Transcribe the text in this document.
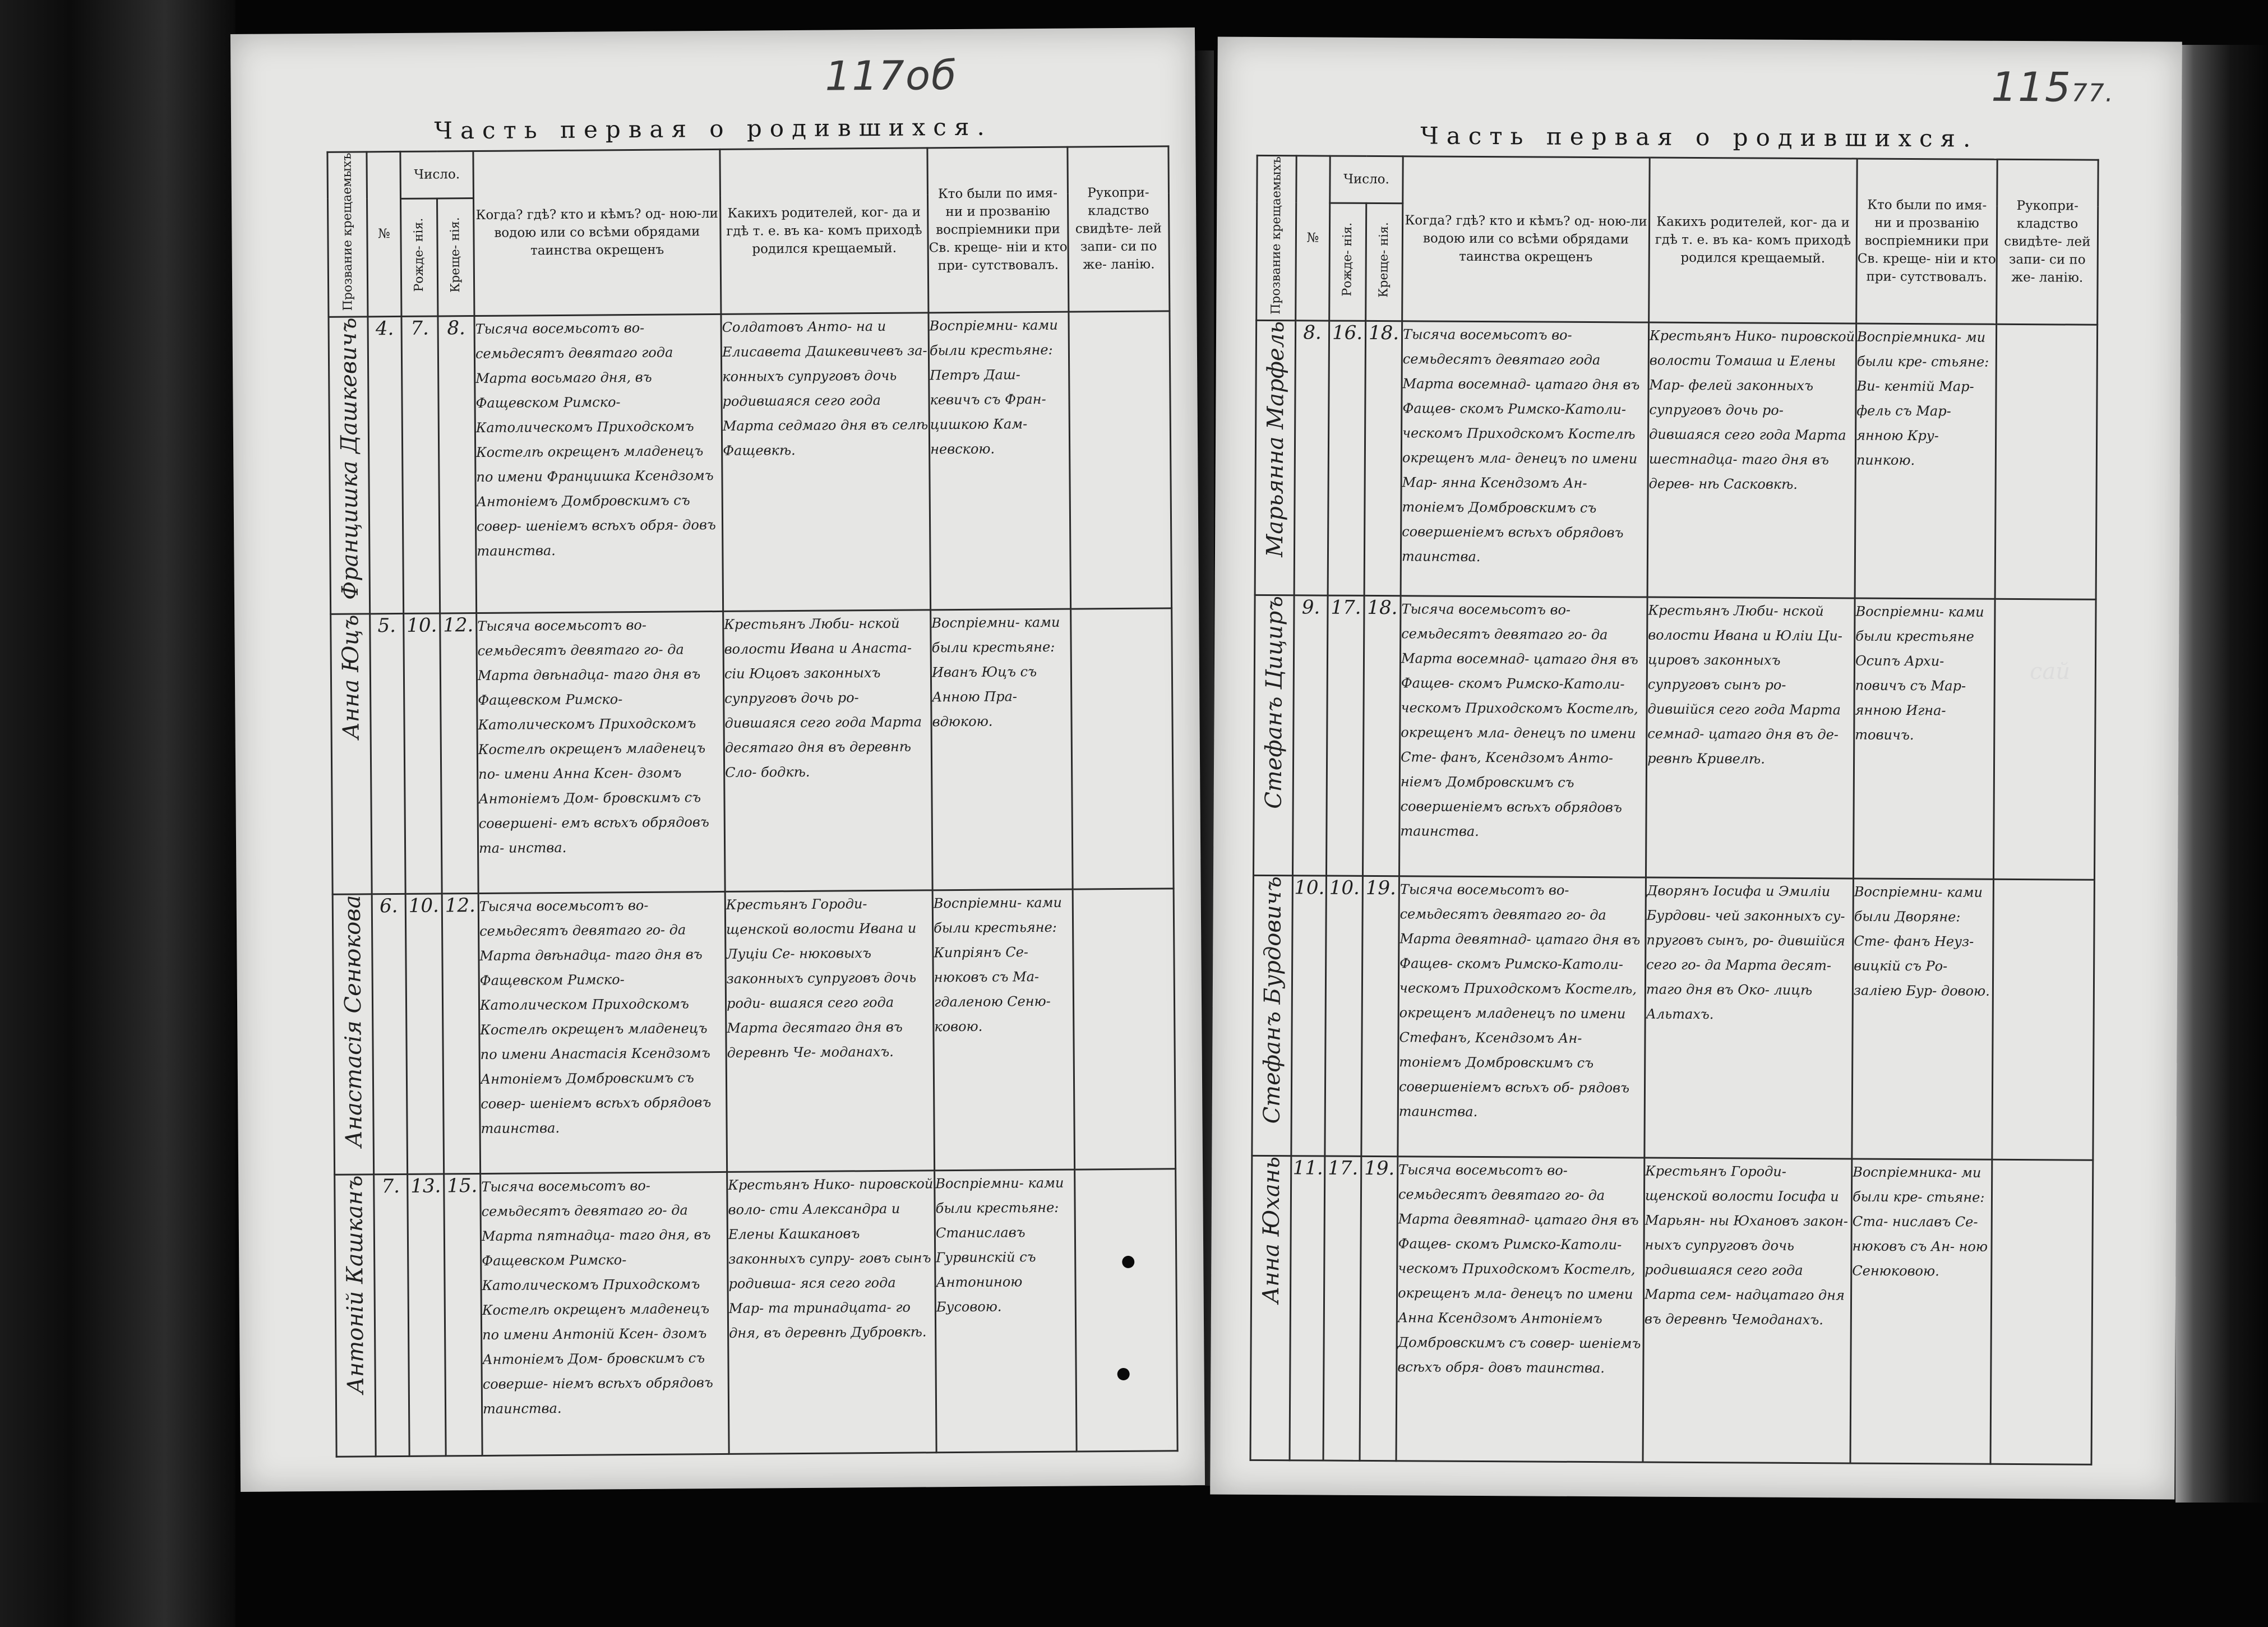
117об
Часть первая о родившихся.
Прозвание крещаемыхъ	№	Число.		Когда? гдѣ? кто и кѣмъ? од- ною-ли водою или со всѣми обрядами таинства окрещенъ	Какихъ родителей, ког- да и гдѣ т. е. въ ка- комъ приходѣ родился крещаемый.	Кто были по имя- ни и прозванію воспріемники при Св. креще- ніи и кто при- сутствовалъ.	Рукопри- кладство свидѣте- лей запи- си по же- ланію.
		Рожде- нія.	Креще- нія.				
Францишка Дашкевичъ	4.	7.	8.	Тысяча восемьсотъ во- семьдесятъ девятаго года Марта восьмаго дня, въ Фащевском Римско-Католическомъ Приходскомъ Костелѣ окрещенъ младенецъ по имени Францишка Ксендзомъ Антоніемъ Домбровскимъ съ совер- шеніемъ всѣхъ обря- довъ таинства.	Солдатовъ Анто- на и Елисавета Дашкевичевъ за- конныхъ супруговъ дочь родившаяся сего года Марта седмаго дня въ селѣ Фащевкѣ.	Воспріемни- ками были крестьяне: Петръ Даш- кевичъ съ Фран- цишкою Кам- невскою.	
Анна Юцъ	5.	10.	12.	Тысяча восемьсотъ во- семьдесятъ девятаго го- да Марта двѣнадца- таго дня въ Фащевском Римско-Католическомъ Приходскомъ Костелѣ окрещенъ младенецъ по- имени Анна Ксен- дзомъ Антоніемъ Дом- бровскимъ съ совершені- емъ всѣхъ обрядовъ та- инства.	Крестьянъ Люби- нской волости Ивана и Анаста- сіи Юцовъ законныхъ супруговъ дочь ро- дившаяся сего года Марта десятаго дня въ деревнѣ Сло- бодкѣ.	Воспріемни- ками были крестьяне: Иванъ Юцъ съ Анною Пра- вдюкою.	
Анастасія Сенюкова	6.	10.	12.	Тысяча восемьсотъ во- семьдесятъ девятаго го- да Марта двѣнадца- таго дня въ Фащевском Римско-Католическом Приходскомъ Костелѣ окрещенъ младенецъ по имени Анастасія Ксендзомъ Антоніемъ Домбровскимъ съ совер- шеніемъ всѣхъ обрядовъ таинства.	Крестьянъ Городи- щенской волости Ивана и Луціи Се- нюковыхъ законныхъ супруговъ дочь роди- вшаяся сего года Марта десятаго дня въ деревнѣ Че- моданахъ.	Воспріемни- ками были крестьяне: Кипріянъ Се- нюковъ съ Ма- гдаленою Сеню- ковою.	
Антоній Кашканъ	7.	13.	15.	Тысяча восемьсотъ во- семьдесятъ девятаго го- да Марта пятнадца- таго дня, въ Фащевском Римско-Католическомъ Приходскомъ Костелѣ окрещенъ младенецъ по имени Антоній Ксен- дзомъ Антоніемъ Дом- бровскимъ съ соверше- ніемъ всѣхъ обрядовъ таинства.	Крестьянъ Нико- пировской воло- сти Александра и Елены Кашкановъ законныхъ супру- говъ сынъ родивша- яся сего года Мар- та тринадцата- го дня, въ деревнѣ Дубровкѣ.	Воспріемни- ками были крестьяне: Станиславъ Гурвинскій съ Антониною Бусовою.	
11577.
Часть первая о родившихся.
Прозвание крещаемыхъ	№	Число.		Когда? гдѣ? кто и кѣмъ? од- ною-ли водою или со всѣми обрядами таинства окрещенъ	Какихъ родителей, ког- да и гдѣ т. е. въ ка- комъ приходѣ родился крещаемый.	Кто были по имя- ни и прозванію воспріемники при Св. креще- ніи и кто при- сутствовалъ.	Рукопри- кладство свидѣте- лей запи- си по же- ланію.
		Рожде- нія.	Креще- нія.				
Марьянна Марфель	8.	16.	18.	Тысяча восемьсотъ во- семьдесятъ девятаго года Марта восемнад- цатаго дня въ Фащев- скомъ Римско-Католи- ческомъ Приходскомъ Костелѣ окрещенъ мла- денецъ по имени Мар- янна Ксендзомъ Ан- тоніемъ Домбровскимъ съ совершеніемъ всѣхъ обрядовъ таинства.	Крестьянъ Нико- пировской волости Томаша и Елены Мар- фелей законныхъ супруговъ дочь ро- дившаяся сего года Марта шестнадца- таго дня въ дерев- нѣ Сасковкѣ.	Воспріемника- ми были кре- стьяне: Ви- кентій Мар- фель съ Мар- янною Кру- пинкою.	
Стефанъ Цициръ	9.	17.	18.	Тысяча восемьсотъ во- семьдесятъ девятаго го- да Марта восемнад- цатаго дня въ Фащев- скомъ Римско-Католи- ческомъ Приходскомъ Костелѣ, окрещенъ мла- денецъ по имени Сте- фанъ, Ксендзомъ Анто- ніемъ Домбровскимъ съ совершеніемъ всѣхъ обрядовъ таинства.	Крестьянъ Люби- нской волости Ивана и Юліи Ци- цировъ законныхъ супруговъ сынъ ро- дившійся сего года Марта семнад- цатаго дня въ де- ревнѣ Кривелѣ.	Воспріемни- ками были крестьяне Осипъ Архи- повичъ съ Мар- янною Игна- товичъ.	
Стефанъ Бурдовичъ	10.	10.	19.	Тысяча восемьсотъ во- семьдесятъ девятаго го- да Марта девятнад- цатаго дня въ Фащев- скомъ Римско-Католи- ческомъ Приходскомъ Костелѣ, окрещенъ младенецъ по имени Стефанъ, Ксендзомъ Ан- тоніемъ Домбровскимъ съ совершеніемъ всѣхъ об- рядовъ таинства.	Дворянъ Іосифа и Эмиліи Бурдови- чей законныхъ су- пруговъ сынъ, ро- дившійся сего го- да Марта десят- таго дня въ Око- лицѣ Альтахъ.	Воспріемни- ками были Дворяне: Сте- фанъ Неуз- вицкій съ Ро- заліею Бур- довою.	
Анна Юхань	11.	17.	19.	Тысяча восемьсотъ во- семьдесятъ девятаго го- да Марта девятнад- цатаго дня въ Фащев- скомъ Римско-Католи- ческомъ Приходскомъ Костелѣ, окрещенъ мла- денецъ по имени Анна Ксендзомъ Антоніемъ Домбровскимъ съ совер- шеніемъ всѣхъ обря- довъ таинства.	Крестьянъ Городи- щенской волости Іосифа и Марьян- ны Юхановъ закон- ныхъ супруговъ дочь родившаяся сего года Марта сем- надцатаго дня въ деревнѣ Чемоданахъ.	Воспріемника- ми были кре- стьяне: Ста- ниславъ Се- нюковъ съ Ан- ною Сенюковою.	
сай
